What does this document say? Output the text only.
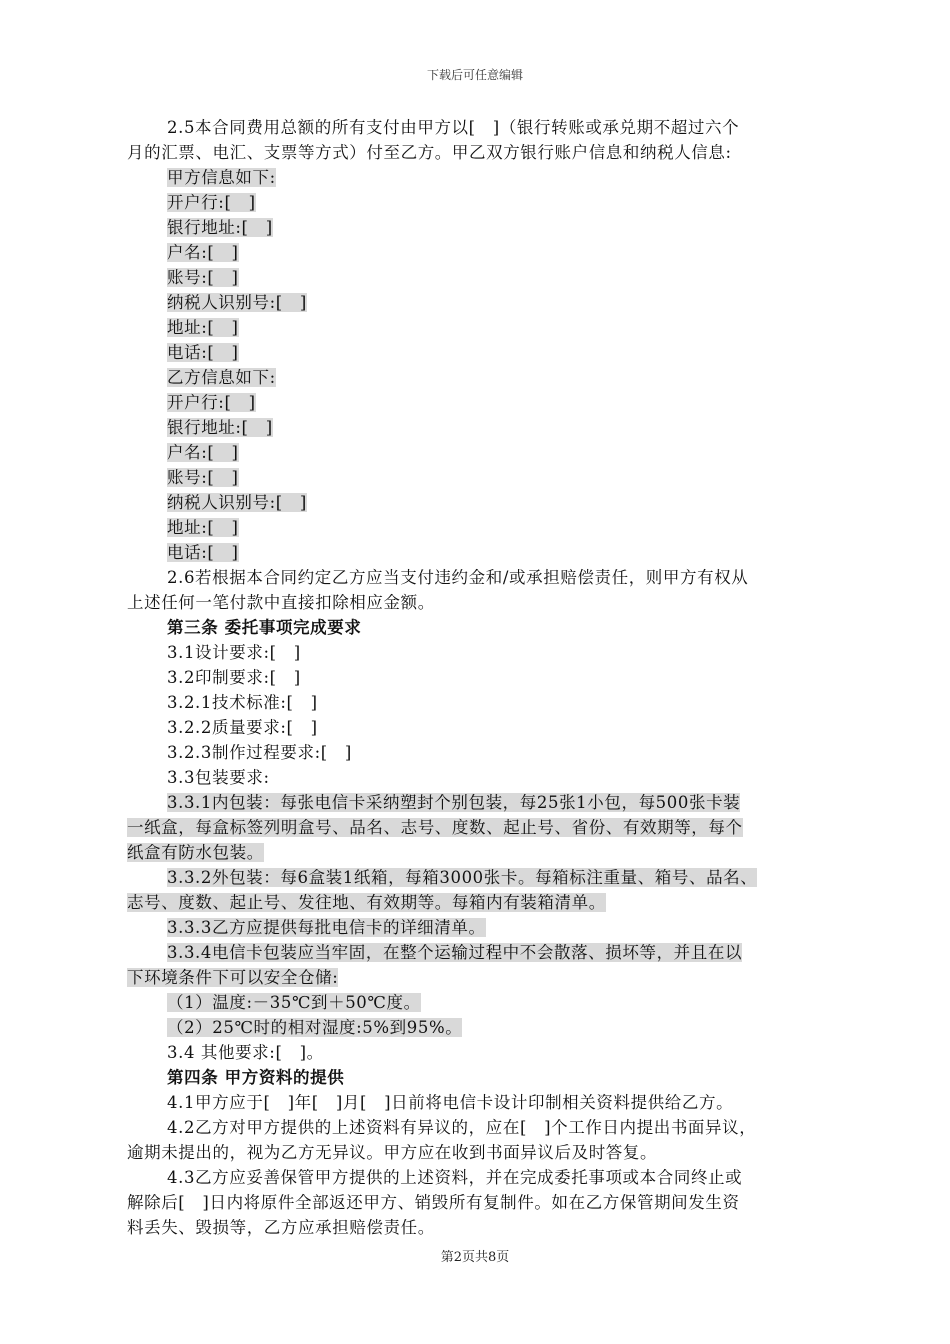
下载后可任意编辑
2.5本合同费用总额的所有支付由甲方以[　]（银行转账或承兑期不超过六个
月的汇票、电汇、支票等方式）付至乙方。甲乙双方银行账户信息和纳税人信息:
甲方信息如下:
开户行:[　]
银行地址:[　]
户名:[　]
账号:[　]
纳税人识别号:[　]
地址:[　]
电话:[　]
乙方信息如下:
开户行:[　]
银行地址:[　]
户名:[　]
账号:[　]
纳税人识别号:[　]
地址:[　]
电话:[　]
2.6若根据本合同约定乙方应当支付违约金和/或承担赔偿责任，则甲方有权从
上述任何一笔付款中直接扣除相应金额。
第三条 委托事项完成要求
3.1设计要求:[　]
3.2印制要求:[　]
3.2.1技术标准:[　]
3.2.2质量要求:[　]
3.2.3制作过程要求:[　]
3.3包装要求:
3.3.1内包装：每张电信卡采纳塑封个别包装，每25张1小包，每500张卡装
一纸盒，每盒标签列明盒号、品名、志号、度数、起止号、省份、有效期等，每个
纸盒有防水包装。
3.3.2外包装：每6盒装1纸箱，每箱3000张卡。每箱标注重量、箱号、品名、
志号、度数、起止号、发往地、有效期等。每箱内有装箱清单。
3.3.3乙方应提供每批电信卡的详细清单。
3.3.4电信卡包装应当牢固，在整个运输过程中不会散落、损坏等，并且在以
下环境条件下可以安全仓储:
（1）温度:－35℃到＋50℃度。
（2）25℃时的相对湿度:5%到95%。
3.4 其他要求:[　]。
第四条 甲方资料的提供
4.1甲方应于[　]年[　]月[　]日前将电信卡设计印制相关资料提供给乙方。
4.2乙方对甲方提供的上述资料有异议的，应在[　]个工作日内提出书面异议，
逾期未提出的，视为乙方无异议。甲方应在收到书面异议后及时答复。
4.3乙方应妥善保管甲方提供的上述资料，并在完成委托事项或本合同终止或
解除后[　]日内将原件全部返还甲方、销毁所有复制件。如在乙方保管期间发生资
料丢失、毁损等，乙方应承担赔偿责任。
第2页共8页
